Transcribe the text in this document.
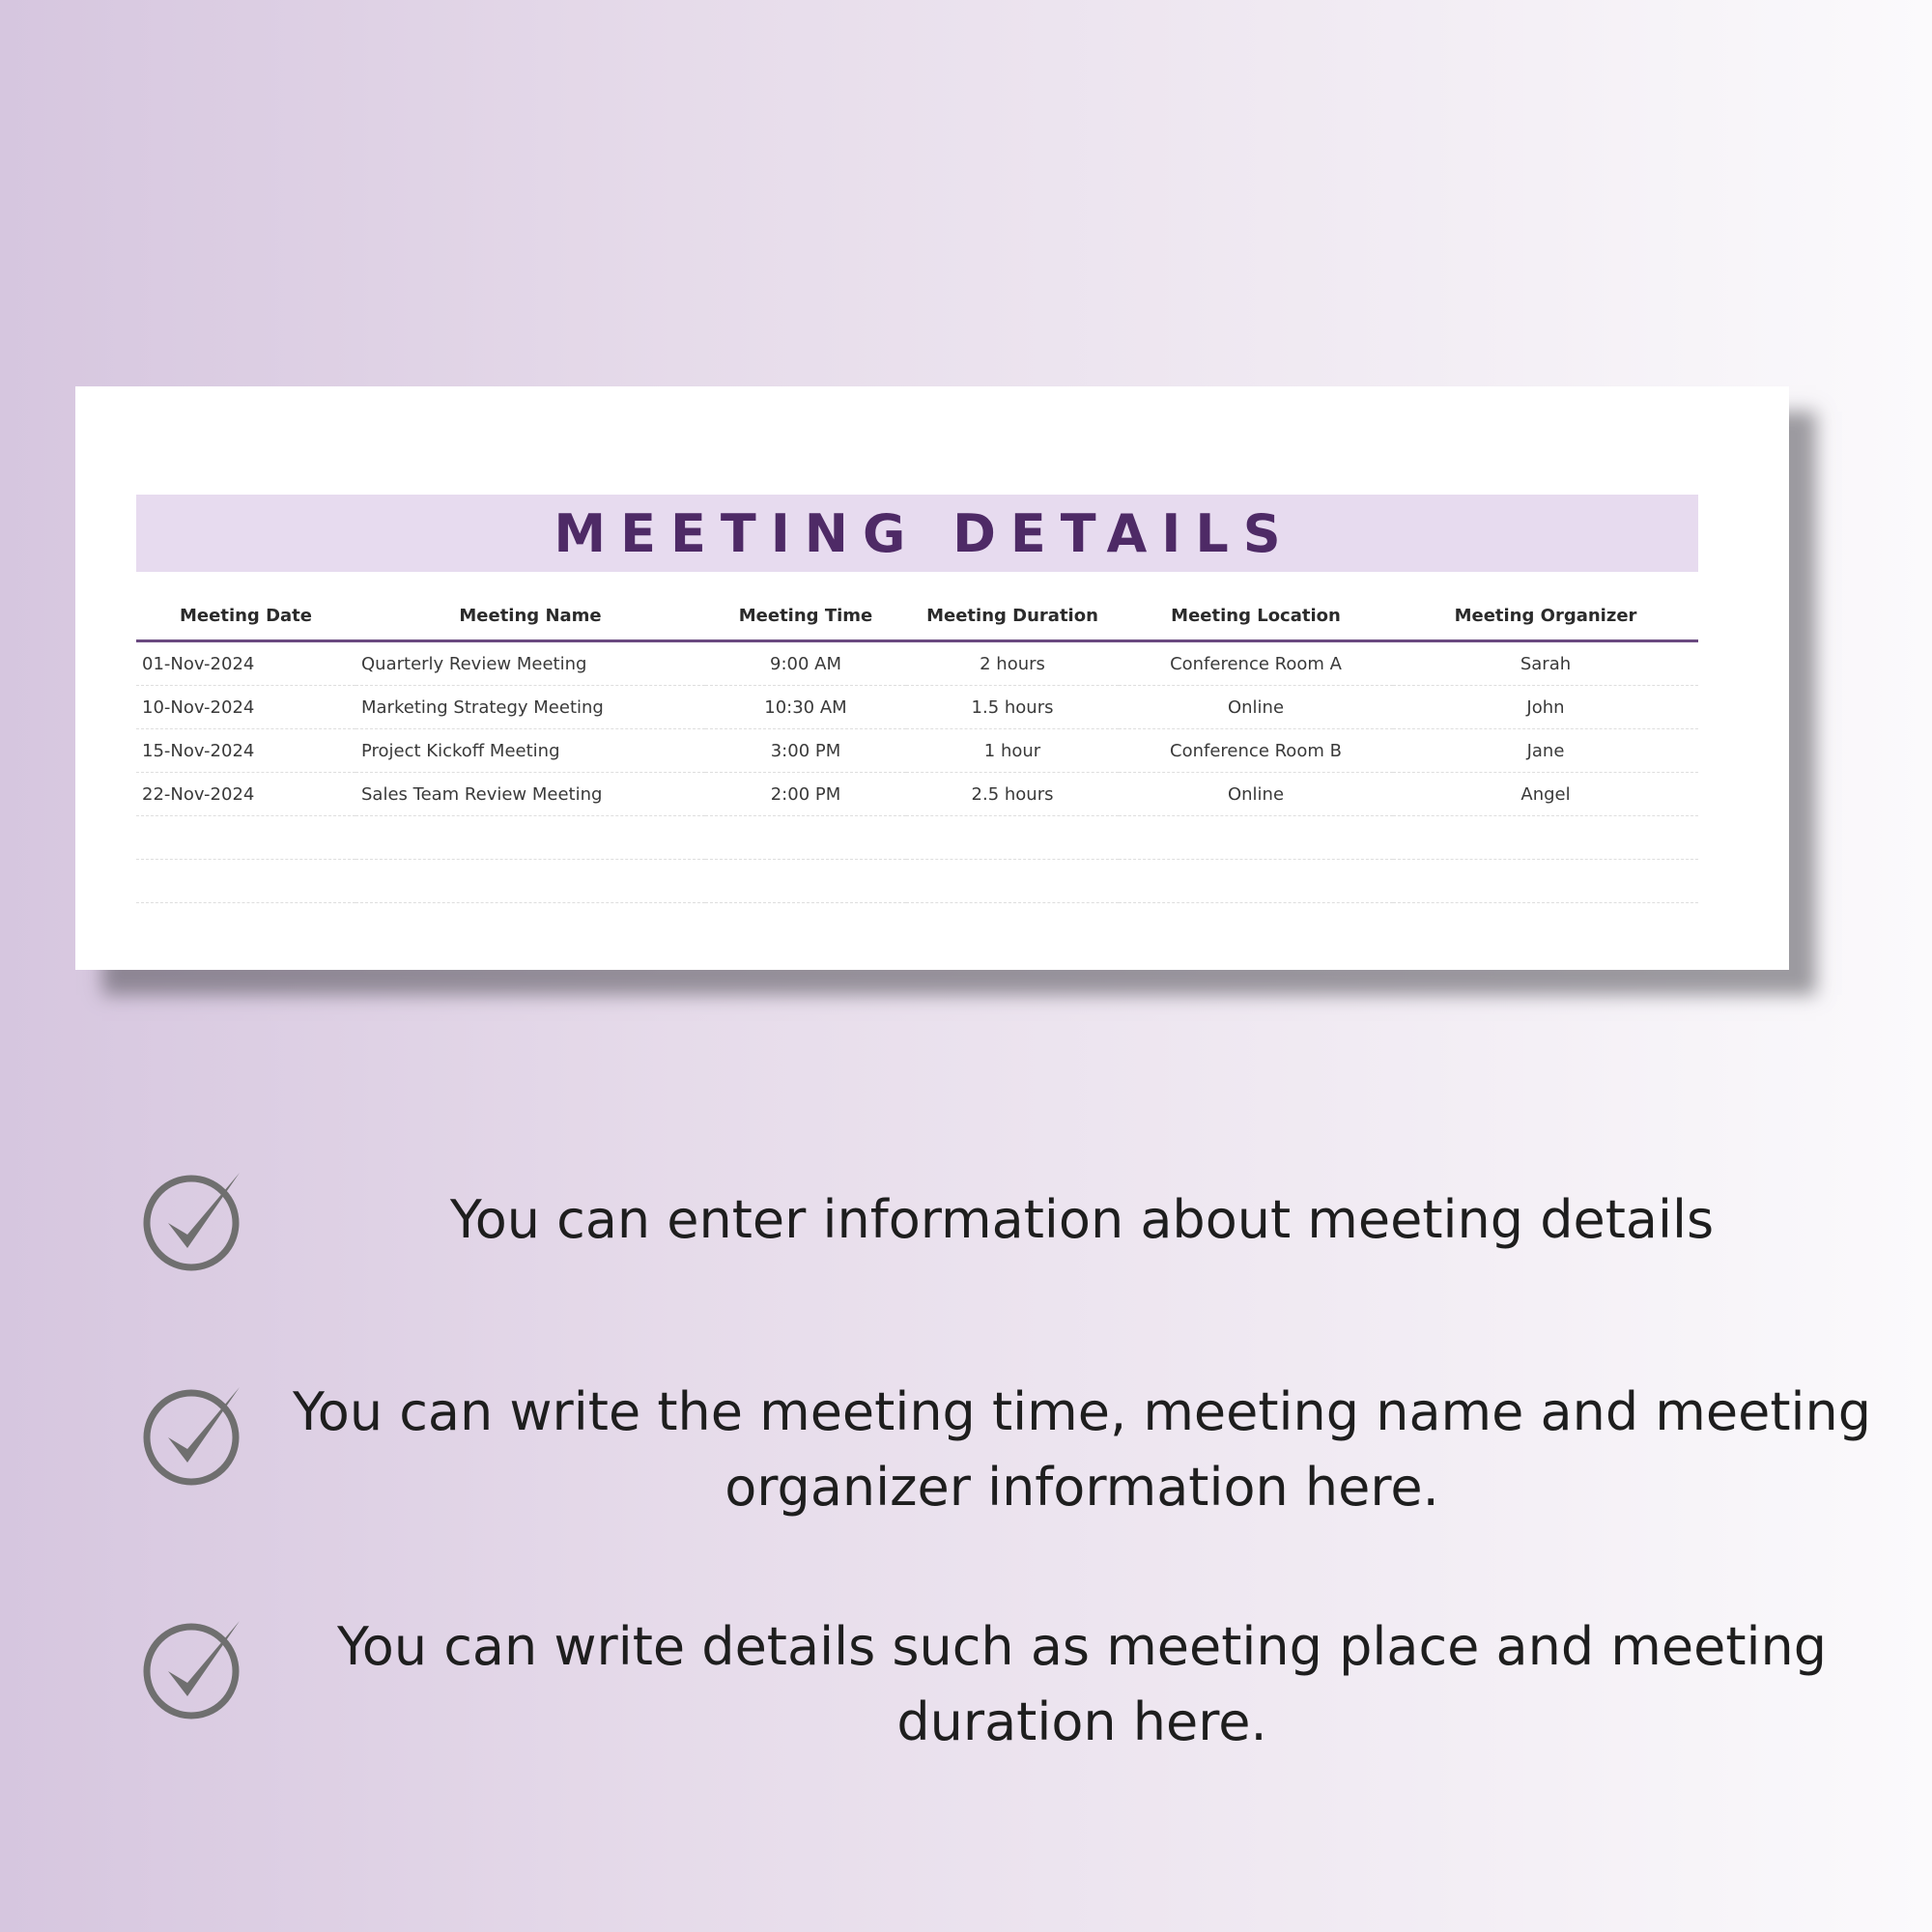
MEETING DETAILS
Meeting Date	Meeting Name	Meeting Time	Meeting Duration	Meeting Location	Meeting Organizer
01-Nov-2024	Quarterly Review Meeting	9:00 AM	2 hours	Conference Room A	Sarah
10-Nov-2024	Marketing Strategy Meeting	10:30 AM	1.5 hours	Online	John
15-Nov-2024	Project Kickoff Meeting	3:00 PM	1 hour	Conference Room B	Jane
22-Nov-2024	Sales Team Review Meeting	2:00 PM	2.5 hours	Online	Angel

You can enter information about meeting details
You can write the meeting time, meeting name and meeting organizer information here.
You can write details such as meeting place and meeting duration here.
